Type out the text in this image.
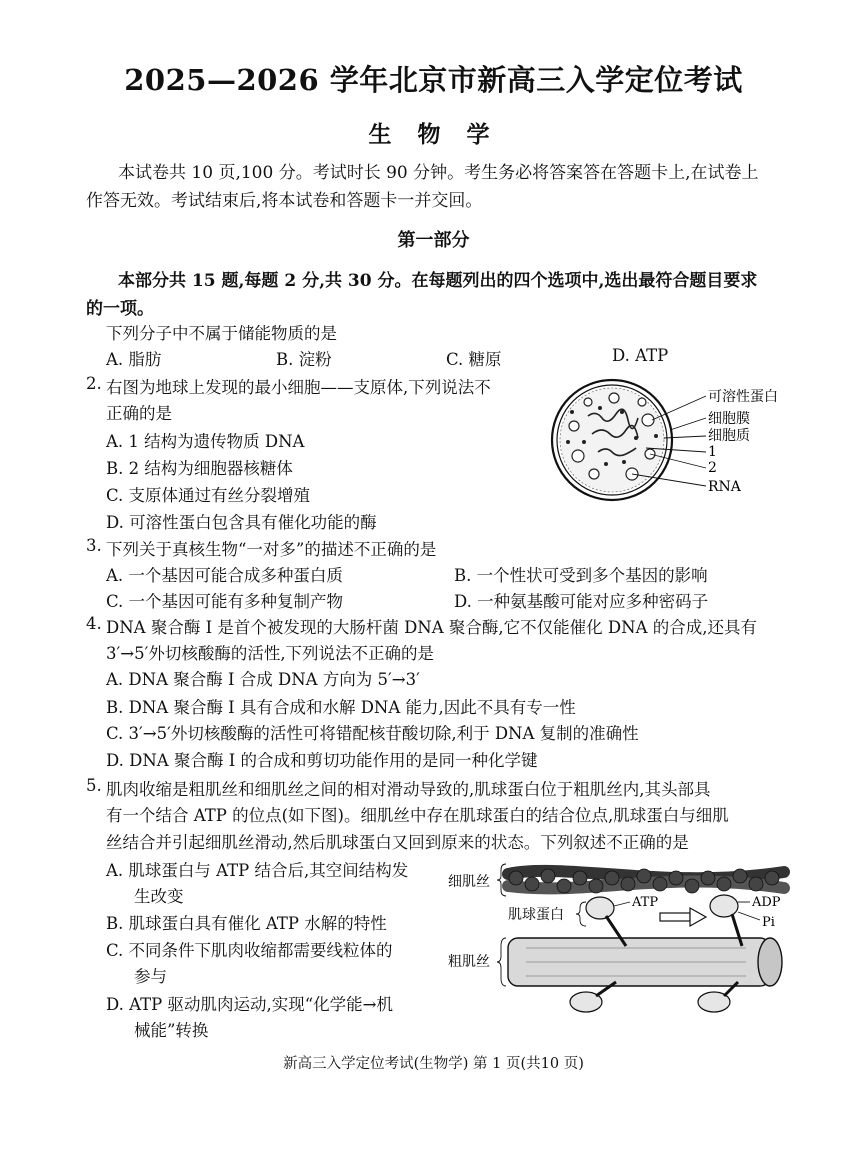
2025—2026 学年北京市新高三入学定位考试
生 物 学
本试卷共 10 页,100 分。考试时长 90 分钟。考生务必将答案答在答题卡上,在试卷上
作答无效。考试结束后,将本试卷和答题卡一并交回。
第一部分
本部分共 15 题,每题 2 分,共 30 分。在每题列出的四个选项中,选出最符合题目要求
的一项。
下列分子中不属于储能物质的是
A. 脂肪	B. 淀粉	C. 糖原	D. ATP
2. 右图为地球上发现的最小细胞——支原体,下列说法不
正确的是
A. 1 结构为遗传物质 DNA
B. 2 结构为细胞器核糖体
C. 支原体通过有丝分裂增殖
D. 可溶性蛋白包含具有催化功能的酶
可溶性蛋白
细胞膜
细胞质
1
2
RNA
3. 下列关于真核生物“一对多”的描述不正确的是
A. 一个基因可能合成多种蛋白质	B. 一个性状可受到多个基因的影响
C. 一个基因可能有多种复制产物	D. 一种氨基酸可能对应多种密码子
4. DNA 聚合酶 I 是首个被发现的大肠杆菌 DNA 聚合酶,它不仅能催化 DNA 的合成,还具有
3′→5′外切核酸酶的活性,下列说法不正确的是
A. DNA 聚合酶 I 合成 DNA 方向为 5′→3′
B. DNA 聚合酶 I 具有合成和水解 DNA 能力,因此不具有专一性
C. 3′→5′外切核酸酶的活性可将错配核苷酸切除,利于 DNA 复制的准确性
D. DNA 聚合酶 I 的合成和剪切功能作用的是同一种化学键
5. 肌肉收缩是粗肌丝和细肌丝之间的相对滑动导致的,肌球蛋白位于粗肌丝内,其头部具
有一个结合 ATP 的位点(如下图)。细肌丝中存在肌球蛋白的结合位点,肌球蛋白与细肌
丝结合并引起细肌丝滑动,然后肌球蛋白又回到原来的状态。下列叙述不正确的是
A. 肌球蛋白与 ATP 结合后,其空间结构发
生改变
B. 肌球蛋白具有催化 ATP 水解的特性
C. 不同条件下肌肉收缩都需要线粒体的
参与
D. ATP 驱动肌肉运动,实现“化学能→机
械能”转换
细肌丝
肌球蛋白
粗肌丝
ATP	ADP
Pi
新高三入学定位考试(生物学) 第 1 页(共10 页)
